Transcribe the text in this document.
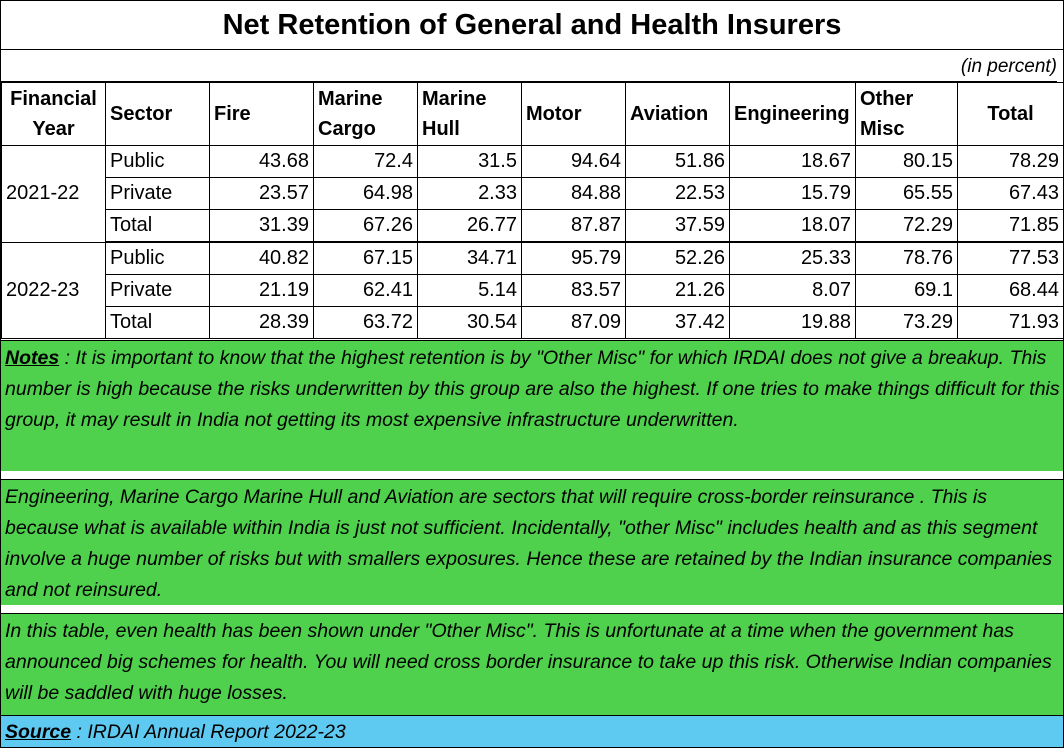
Net Retention of General and Health Insurers
(in percent)
Financial Year	Sector	Fire	Marine Cargo	Marine Hull	Motor	Aviation	Engineering	Other Misc	Total
2021-22	Public	43.68	72.4	31.5	94.64	51.86	18.67	80.15	78.29
	Private	23.57	64.98	2.33	84.88	22.53	15.79	65.55	67.43
	Total	31.39	67.26	26.77	87.87	37.59	18.07	72.29	71.85
2022-23	Public	40.82	67.15	34.71	95.79	52.26	25.33	78.76	77.53
	Private	21.19	62.41	5.14	83.57	21.26	8.07	69.1	68.44
	Total	28.39	63.72	30.54	87.09	37.42	19.88	73.29	71.93
Notes : It is important to know that the highest retention is by "Other Misc" for which IRDAI does not give a breakup. This number is high because the risks underwritten by this group are also the highest. If one tries to make things difficult for this group, it may result in India not getting its most expensive infrastructure underwritten.
Engineering, Marine Cargo Marine Hull and Aviation are sectors that will require cross-border reinsurance . This is because what is available within India is just not sufficient. Incidentally, "other Misc" includes health and as this segment involve a huge number of risks but with smallers exposures. Hence these are retained by the Indian insurance companies and not reinsured.
In this table, even health has been shown under "Other Misc". This is unfortunate at a time when the government has announced big schemes for health. You will need cross border insurance to take up this risk. Otherwise Indian companies will be saddled with huge losses.
Source : IRDAI Annual Report 2022-23
